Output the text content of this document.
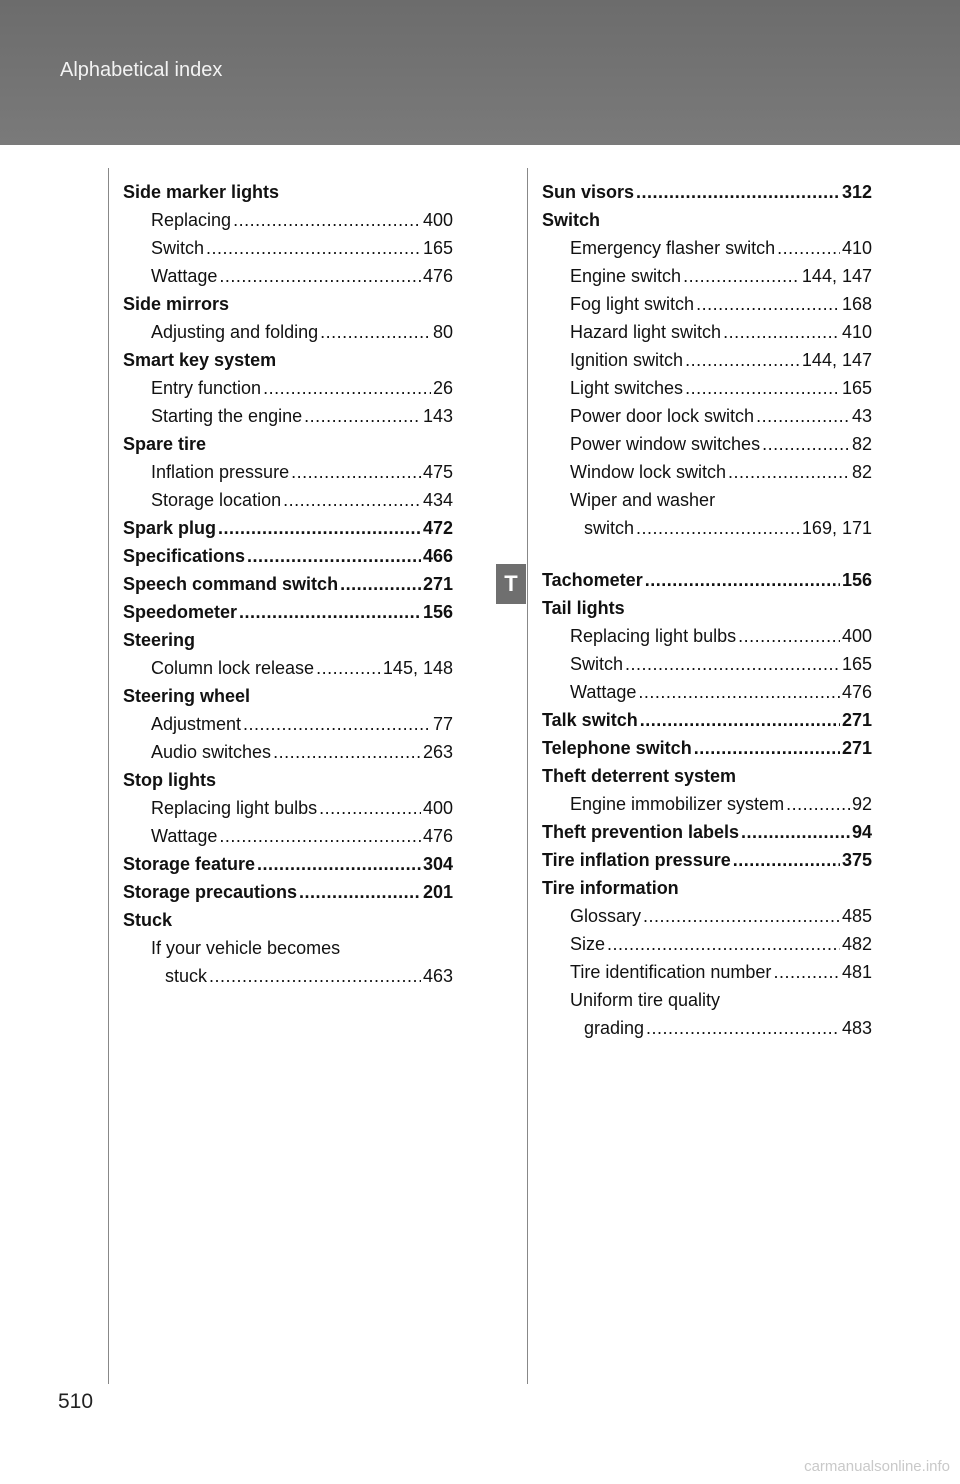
Alphabetical index
Side marker lights
Replacing .....	400
Switch .....	165
Wattage .....	476
Side mirrors
Adjusting and folding .....	80
Smart key system
Entry function .....	26
Starting the engine .....	143
Spare tire
Inflation pressure .....	475
Storage location .....	434
Spark plug .....	472
Specifications .....	466
Speech command switch .....	271
Speedometer .....	156
Steering
Column lock release .....	145, 148
Steering wheel
Adjustment .....	77
Audio switches .....	263
Stop lights
Replacing light bulbs .....	400
Wattage .....	476
Storage feature .....	304
Storage precautions .....	201
Stuck
If your vehicle becomes
stuck .....	463
Sun visors .....	312
Switch
Emergency flasher switch .....	410
Engine switch .....	144, 147
Fog light switch .....	168
Hazard light switch .....	410
Ignition switch .....	144, 147
Light switches .....	165
Power door lock switch .....	43
Power window switches .....	82
Window lock switch .....	82
Wiper and washer
switch .....	169, 171
Tachometer .....	156
Tail lights
Replacing light bulbs .....	400
Switch .....	165
Wattage .....	476
Talk switch .....	271
Telephone switch .....	271
Theft deterrent system
Engine immobilizer system .....	92
Theft prevention labels .....	94
Tire inflation pressure .....	375
Tire information
Glossary .....	485
Size .....	482
Tire identification number .....	481
Uniform tire quality
grading .....	483
T
510
carmanualsonline.info
